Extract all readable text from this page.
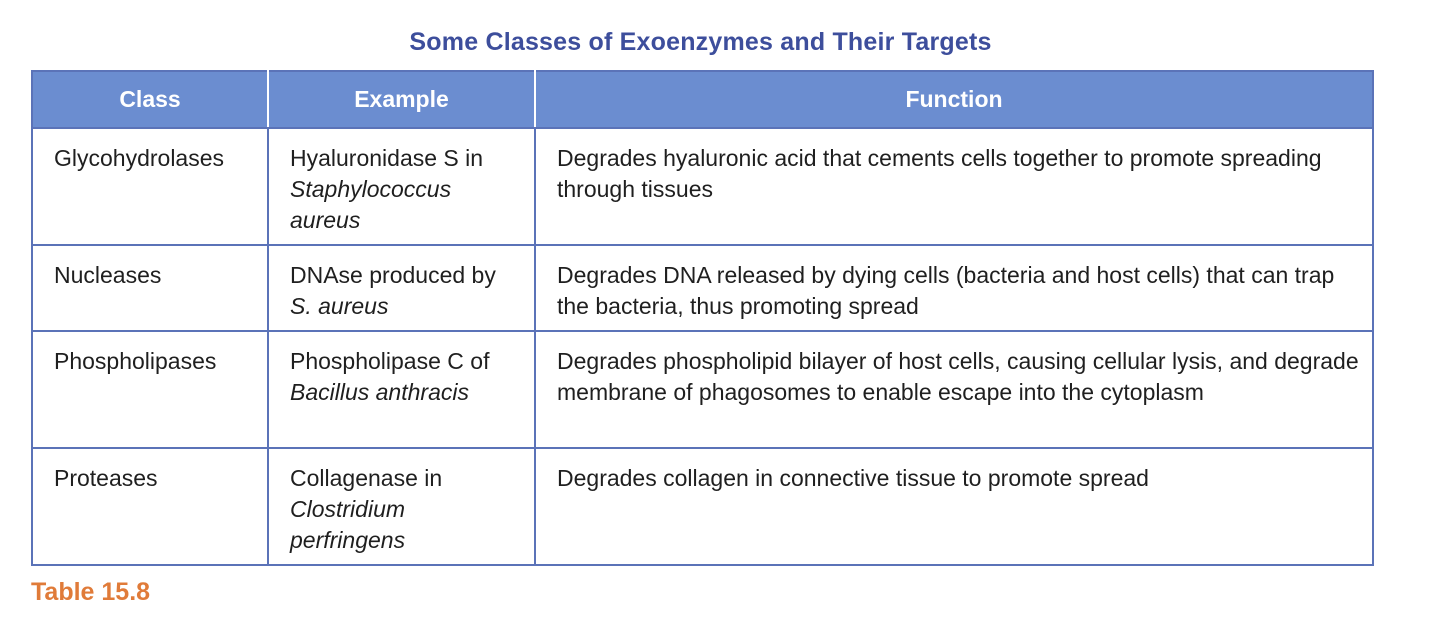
Some Classes of Exoenzymes and Their Targets
Class	Example	Function
Glycohydrolases	Hyaluronidase S in Staphylococcus aureus	Degrades hyaluronic acid that cements cells together to promote spreading through tissues
Nucleases	DNAse produced by S. aureus	Degrades DNA released by dying cells (bacteria and host cells) that can trap the bacteria, thus promoting spread
Phospholipases	Phospholipase C of Bacillus anthracis	Degrades phospholipid bilayer of host cells, causing cellular lysis, and degrade membrane of phagosomes to enable escape into the cytoplasm
Proteases	Collagenase in Clostridium perfringens	Degrades collagen in connective tissue to promote spread
Table 15.8
